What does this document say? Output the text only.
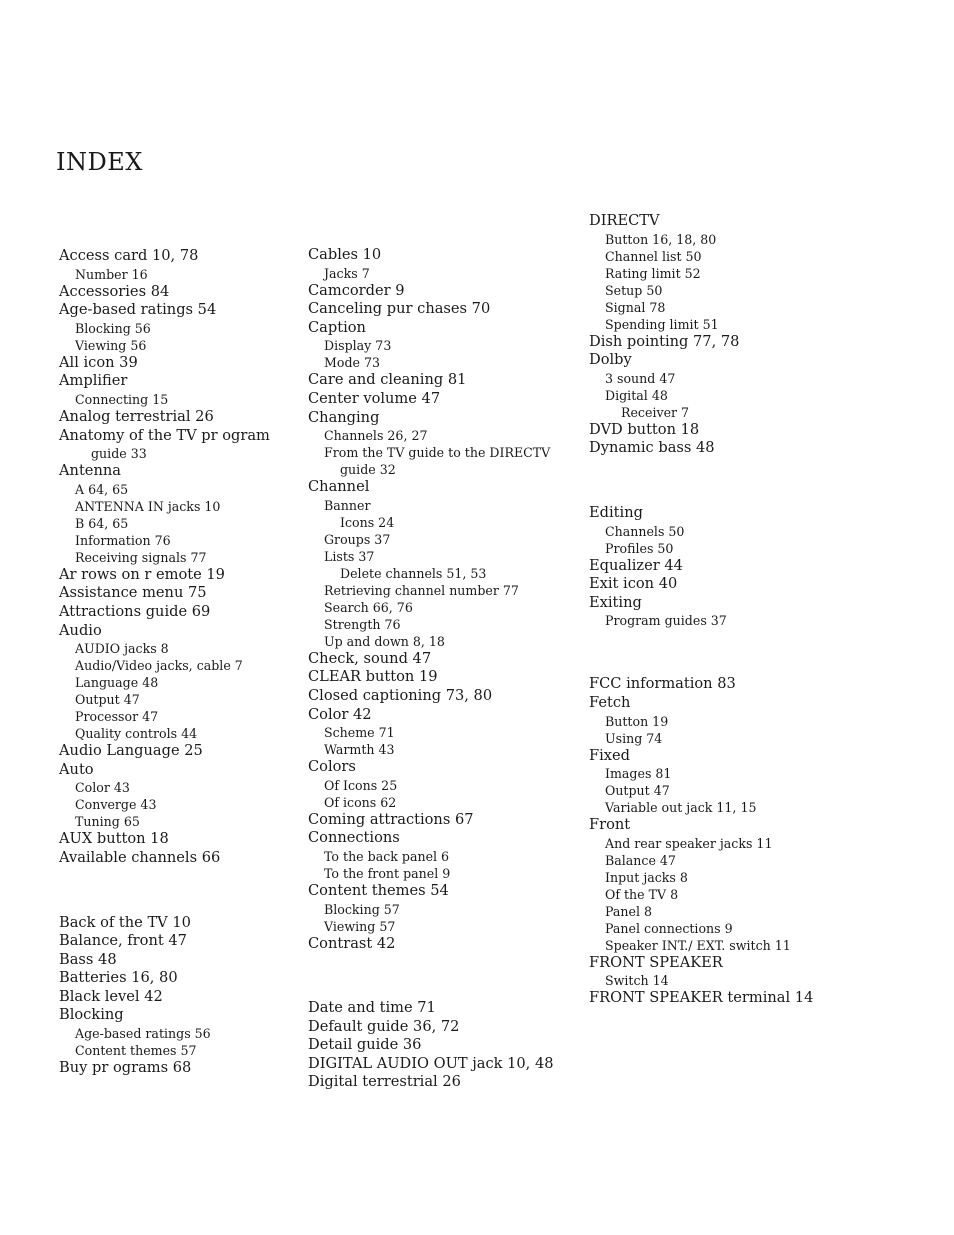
INDEX
Access card 10, 78
Number 16
Accessories 84
Age-based ratings 54
Blocking 56
Viewing 56
All icon 39
Amplifier
Connecting 15
Analog terrestrial 26
Anatomy of the TV pr ogram
guide 33
Antenna
A 64, 65
ANTENNA IN jacks 10
B 64, 65
Information 76
Receiving signals 77
Ar rows on r emote 19
Assistance menu 75
Attractions guide 69
Audio
AUDIO jacks 8
Audio/Video jacks, cable 7
Language 48
Output 47
Processor 47
Quality controls 44
Audio Language 25
Auto
Color 43
Converge 43
Tuning 65
AUX button 18
Available channels 66
Back of the TV 10
Balance, front 47
Bass 48
Batteries 16, 80
Black level 42
Blocking
Age-based ratings 56
Content themes 57
Buy pr ograms 68
Cables 10
Jacks 7
Camcorder 9
Canceling pur chases 70
Caption
Display 73
Mode 73
Care and cleaning 81
Center volume 47
Changing
Channels 26, 27
From the TV guide to the DIRECTV
guide 32
Channel
Banner
Icons 24
Groups 37
Lists 37
Delete channels 51, 53
Retrieving channel number 77
Search 66, 76
Strength 76
Up and down 8, 18
Check, sound 47
CLEAR button 19
Closed captioning 73, 80
Color 42
Scheme 71
Warmth 43
Colors
Of Icons 25
Of icons 62
Coming attractions 67
Connections
To the back panel 6
To the front panel 9
Content themes 54
Blocking 57
Viewing 57
Contrast 42
Date and time 71
Default guide 36, 72
Detail guide 36
DIGITAL AUDIO OUT jack 10, 48
Digital terrestrial 26
DIRECTV
Button 16, 18, 80
Channel list 50
Rating limit 52
Setup 50
Signal 78
Spending limit 51
Dish pointing 77, 78
Dolby
3 sound 47
Digital 48
Receiver 7
DVD button 18
Dynamic bass 48
Editing
Channels 50
Profiles 50
Equalizer 44
Exit icon 40
Exiting
Program guides 37
FCC information 83
Fetch
Button 19
Using 74
Fixed
Images 81
Output 47
Variable out jack 11, 15
Front
And rear speaker jacks 11
Balance 47
Input jacks 8
Of the TV 8
Panel 8
Panel connections 9
Speaker INT./ EXT. switch 11
FRONT SPEAKER
Switch 14
FRONT SPEAKER terminal 14
